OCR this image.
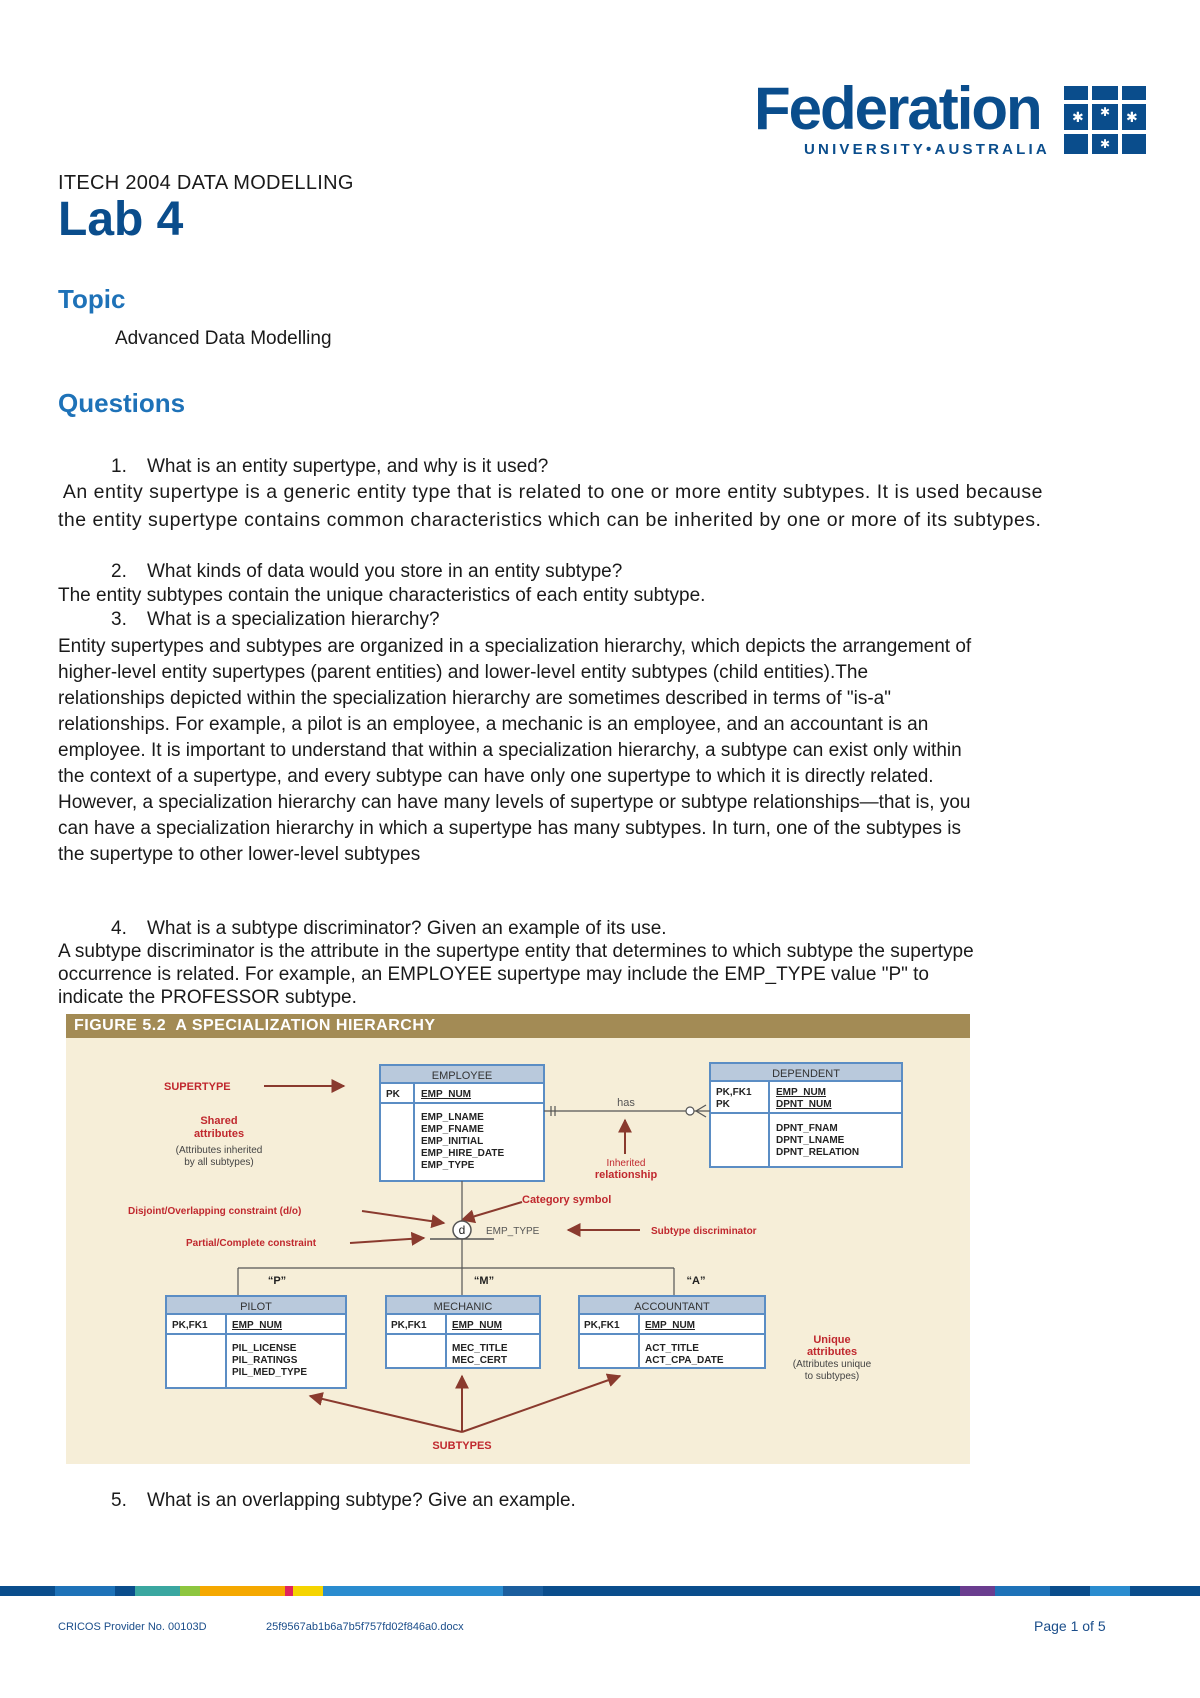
Federation
UNIVERSITY•AUSTRALIA
✱ ✱ ✱
✱
ITECH 2004 DATA MODELLING
Lab 4
Topic
Advanced Data Modelling
Questions
1. What is an entity supertype, and why is it used?
An entity supertype is a generic entity type that is related to one or more entity subtypes. It is used because
the entity supertype contains common characteristics which can be inherited by one or more of its subtypes.
2. What kinds of data would you store in an entity subtype?
The entity subtypes contain the unique characteristics of each entity subtype.
3. What is a specialization hierarchy?
Entity supertypes and subtypes are organized in a specialization hierarchy, which depicts the arrangement of
higher-level entity supertypes (parent entities) and lower-level entity subtypes (child entities).The
relationships depicted within the specialization hierarchy are sometimes described in terms of "is-a"
relationships. For example, a pilot is an employee, a mechanic is an employee, and an accountant is an
employee. It is important to understand that within a specialization hierarchy, a subtype can exist only within
the context of a supertype, and every subtype can have only one supertype to which it is directly related.
However, a specialization hierarchy can have many levels of supertype or subtype relationships—that is, you
can have a specialization hierarchy in which a supertype has many subtypes. In turn, one of the subtypes is
the supertype to other lower-level subtypes
4. What is a subtype discriminator? Given an example of its use.
A subtype discriminator is the attribute in the supertype entity that determines to which subtype the supertype
occurrence is related. For example, an EMPLOYEE supertype may include the EMP_TYPE value "P" to
indicate the PROFESSOR subtype.
SUPERTYPE
Shared
attributes
(Attributes inherited
by all subtypes)
EMPLOYEE
PK EMP_NUM
EMP_LNAME
EMP_FNAME
EMP_INITIAL
EMP_HIRE_DATE
EMP_TYPE
DEPENDENT
PK,FK1
PK
EMP_NUM
DPNT_NUM
DPNT_FNAM
DPNT_LNAME
DPNT_RELATION
has
Inherited
relationship
Category symbol
Disjoint/Overlapping constraint (d/o)
Partial/Complete constraint
d EMP_TYPE	Subtype discriminator
“P”	“M”	“A”
PILOT
PK,FK1 EMP_NUM
PIL_LICENSE
PIL_RATINGS
PIL_MED_TYPE
MECHANIC
PK,FK1	EMP_NUM
MEC_TITLE
MEC_CERT
ACCOUNTANT
PK,FK1	EMP_NUM
ACT_TITLE
ACT_CPA_DATE
Unique
attributes
(Attributes unique
to subtypes)
SUBTYPES
FIGURE 5.2  A SPECIALIZATION HIERARCHY
5. What is an overlapping subtype? Give an example.
CRICOS Provider No. 00103D	25f9567ab1b6a7b5f757fd02f846a0.docx	Page 1 of 5
